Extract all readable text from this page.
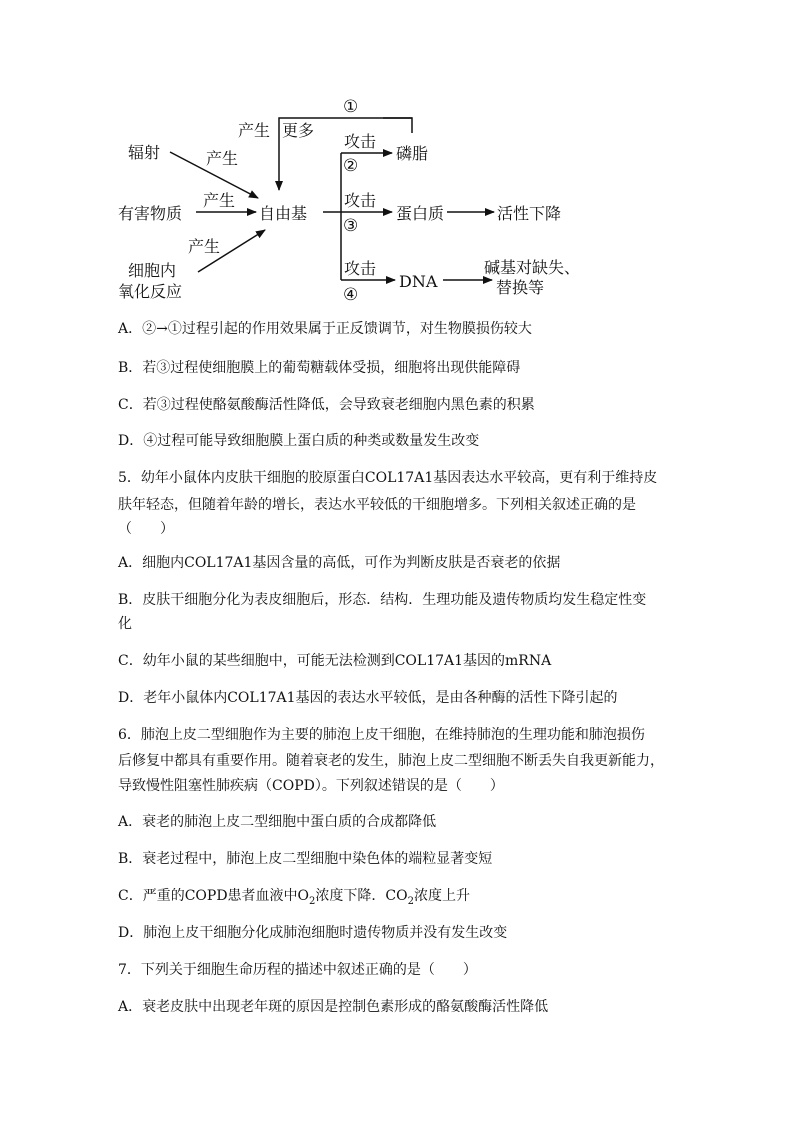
①
产生 更多
辐射	产生
有害物质
产生
自由基
产生
细胞内
氧化反应
攻击
②
磷脂
攻击
③
蛋白质	活性下降
攻击
④
DNA
碱基对缺失、
替换等
A．②→①过程引起的作用效果属于正反馈调节，对生物膜损伤较大
B．若③过程使细胞膜上的葡萄糖载体受损，细胞将出现供能障碍
C．若③过程使酪氨酸酶活性降低，会导致衰老细胞内黑色素的积累
D．④过程可能导致细胞膜上蛋白质的种类或数量发生改变
5．幼年小鼠体内皮肤干细胞的胶原蛋白COL17A1基因表达水平较高，更有利于维持皮
肤年轻态，但随着年龄的增长，表达水平较低的干细胞增多。下列相关叙述正确的是
（　　）
A．细胞内COL17A1基因含量的高低，可作为判断皮肤是否衰老的依据
B．皮肤干细胞分化为表皮细胞后，形态．结构．生理功能及遗传物质均发生稳定性变
化
C．幼年小鼠的某些细胞中，可能无法检测到COL17A1基因的mRNA
D．老年小鼠体内COL17A1基因的表达水平较低，是由各种酶的活性下降引起的
6．肺泡上皮二型细胞作为主要的肺泡上皮干细胞，在维持肺泡的生理功能和肺泡损伤
后修复中都具有重要作用。随着衰老的发生，肺泡上皮二型细胞不断丢失自我更新能力，
导致慢性阻塞性肺疾病（COPD）。下列叙述错误的是（　　）
A．衰老的肺泡上皮二型细胞中蛋白质的合成都降低
B．衰老过程中，肺泡上皮二型细胞中染色体的端粒显著变短
C．严重的COPD患者血液中$O_2$浓度下降．$CO_2$浓度上升
D．肺泡上皮干细胞分化成肺泡细胞时遗传物质并没有发生改变
7．下列关于细胞生命历程的描述中叙述正确的是（　　）
A．衰老皮肤中出现老年斑的原因是控制色素形成的酪氨酸酶活性降低
